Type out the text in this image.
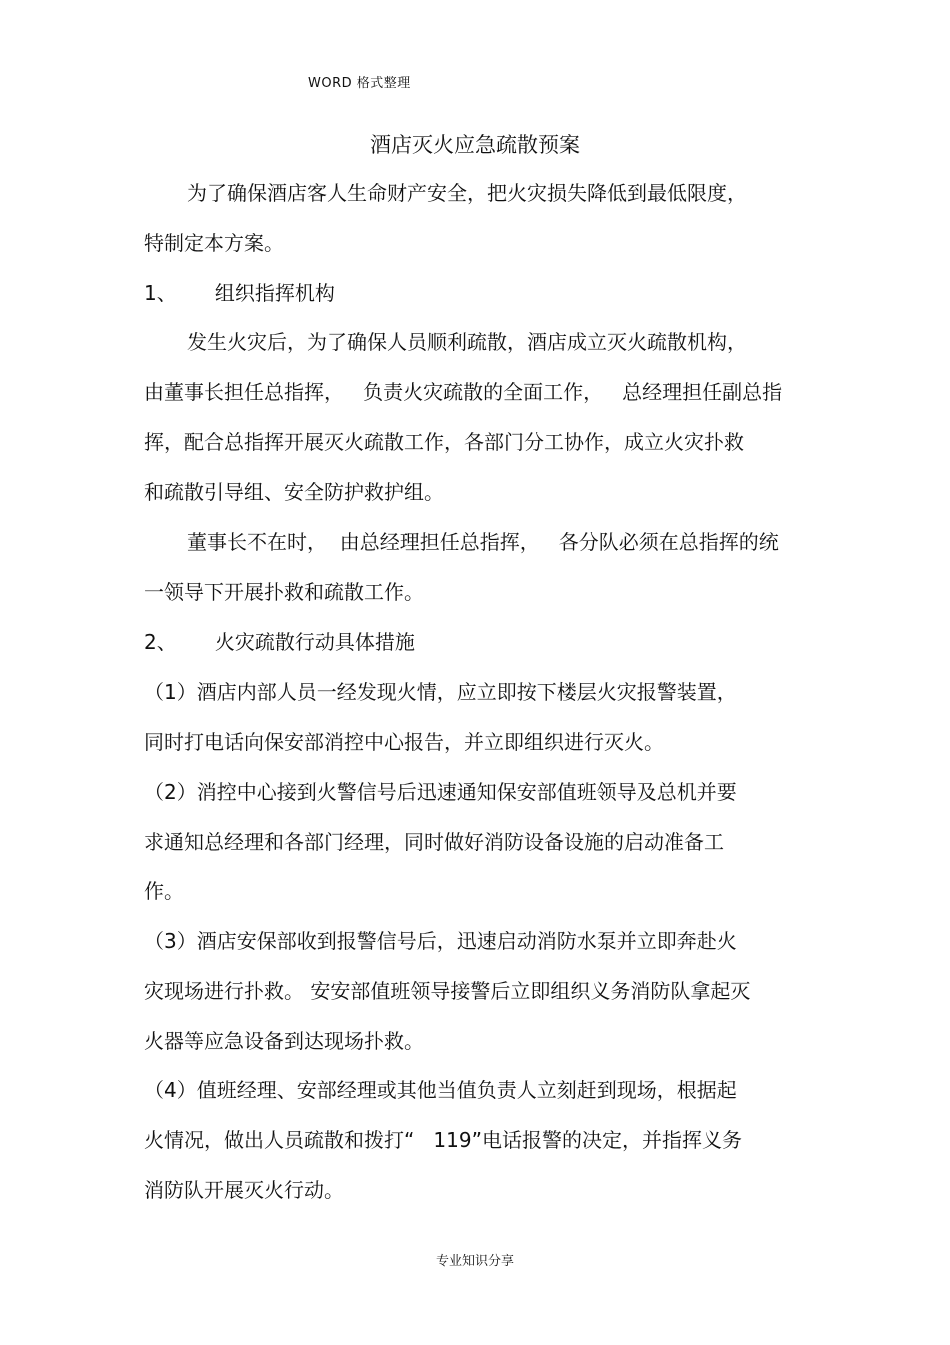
WORD 格式整理
酒店灭火应急疏散预案
为了确保酒店客人生命财产安全，把火灾损失降低到最低限度，
特制定本方案。
1、      组织指挥机构
发生火灾后，为了确保人员顺利疏散，酒店成立灭火疏散机构，
由董事长担任总指挥，   负责火灾疏散的全面工作，   总经理担任副总指
挥，配合总指挥开展灭火疏散工作，各部门分工协作，成立火灾扑救
和疏散引导组、安全防护救护组。
董事长不在时，  由总经理担任总指挥，   各分队必须在总指挥的统
一领导下开展扑救和疏散工作。
2、      火灾疏散行动具体措施
（1）酒店内部人员一经发现火情，应立即按下楼层火灾报警装置，
同时打电话向保安部消控中心报告，并立即组织进行灭火。
（2）消控中心接到火警信号后迅速通知保安部值班领导及总机并要
求通知总经理和各部门经理，同时做好消防设备设施的启动准备工
作。
（3）酒店安保部收到报警信号后，迅速启动消防水泵并立即奔赴火
灾现场进行扑救。 安安部值班领导接警后立即组织义务消防队拿起灭
火器等应急设备到达现场扑救。
（4）值班经理、安部经理或其他当值负责人立刻赶到现场，根据起
火情况，做出人员疏散和拨打“   119”电话报警的决定，并指挥义务
消防队开展灭火行动。
专业知识分享
